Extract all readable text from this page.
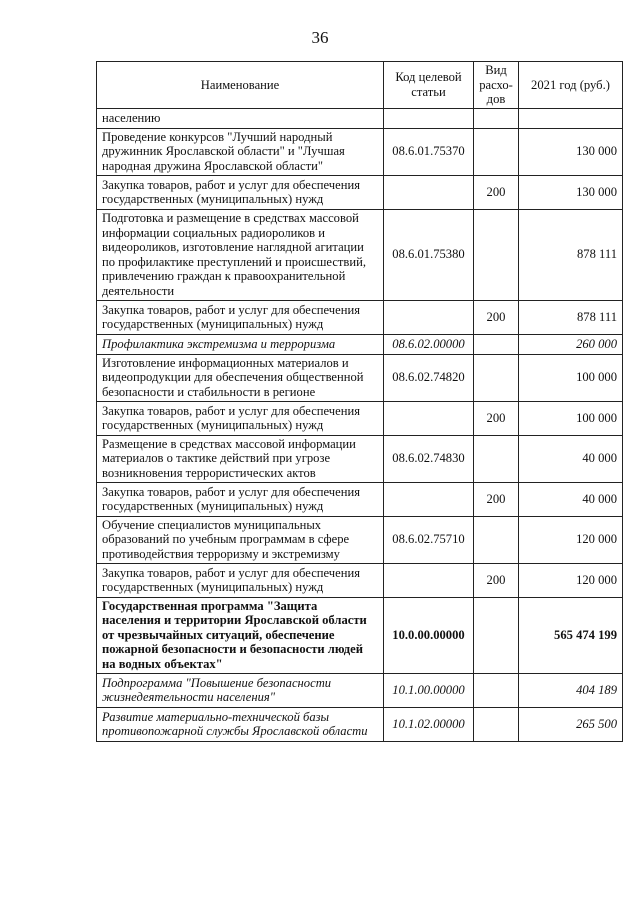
36
Наименование	Код целевой статьи	Вид расхо-дов	2021 год (руб.)
населению			
Проведение конкурсов "Лучший народный дружинник Ярославской области" и "Лучшая народная дружина Ярославской области"	08.6.01.75370		130 000
Закупка товаров, работ и услуг для обеспечения государственных (муниципальных) нужд		200	130 000
Подготовка и размещение в средствах массовой информации социальных радиороликов и видеороликов, изготовление наглядной агитации по профилактике преступлений и происшествий, привлечению граждан к правоохранительной деятельности	08.6.01.75380		878 111
Закупка товаров, работ и услуг для обеспечения государственных (муниципальных) нужд		200	878 111
Профилактика экстремизма и терроризма	08.6.02.00000		260 000
Изготовление информационных материалов и видеопродукции для обеспечения общественной безопасности и стабильности в регионе	08.6.02.74820		100 000
Закупка товаров, работ и услуг для обеспечения государственных (муниципальных) нужд		200	100 000
Размещение в средствах массовой информации материалов о тактике действий при угрозе возникновения террористических актов	08.6.02.74830		40 000
Закупка товаров, работ и услуг для обеспечения государственных (муниципальных) нужд		200	40 000
Обучение специалистов муниципальных образований по учебным программам в сфере противодействия терроризму и экстремизму	08.6.02.75710		120 000
Закупка товаров, работ и услуг для обеспечения государственных (муниципальных) нужд		200	120 000
Государственная программа "Защита населения и территории Ярославской области от чрезвычайных ситуаций, обеспечение пожарной безопасности и безопасности людей на водных объектах"	10.0.00.00000		565 474 199
Подпрограмма "Повышение безопасности жизнедеятельности населения"	10.1.00.00000		404 189
Развитие материально-технической базы противопожарной службы Ярославской области	10.1.02.00000		265 500
